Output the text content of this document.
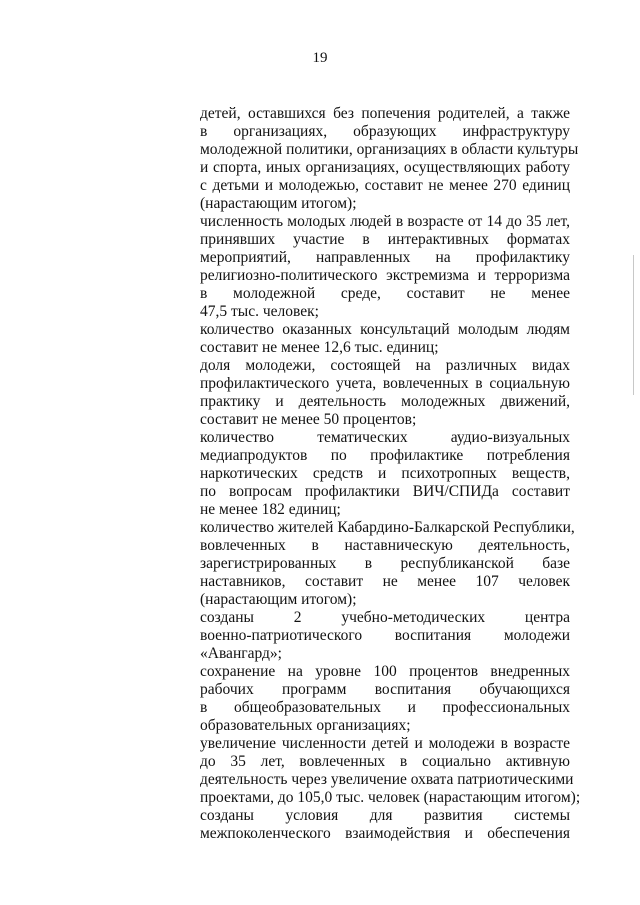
19
детей, оставшихся без попечения родителей, а также
в организациях, образующих инфраструктуру
молодежной политики, организациях в области культуры
и спорта, иных организациях, осуществляющих работу
с детьми и молодежью, составит не менее 270 единиц
(нарастающим итогом);
численность молодых людей в возрасте от 14 до 35 лет,
принявших участие в интерактивных форматах
мероприятий, направленных на профилактику
религиозно-политического экстремизма и терроризма
в молодежной среде, составит не менее
47,5 тыс. человек;
количество оказанных консультаций молодым людям
составит не менее 12,6 тыс. единиц;
доля молодежи, состоящей на различных видах
профилактического учета, вовлеченных в социальную
практику и деятельность молодежных движений,
составит не менее 50 процентов;
количество тематических аудио-визуальных
медиапродуктов по профилактике потребления
наркотических средств и психотропных веществ,
по вопросам профилактики ВИЧ/СПИДа составит
не менее 182 единиц;
количество жителей Кабардино-Балкарской Республики,
вовлеченных в наставническую деятельность,
зарегистрированных в республиканской базе
наставников, составит не менее 107 человек
(нарастающим итогом);
созданы 2 учебно-методических центра
военно-патриотического воспитания молодежи
«Авангард»;
сохранение на уровне 100 процентов внедренных
рабочих программ воспитания обучающихся
в общеобразовательных и профессиональных
образовательных организациях;
увеличение численности детей и молодежи в возрасте
до 35 лет, вовлеченных в социально активную
деятельность через увеличение охвата патриотическими
проектами, до 105,0 тыс. человек (нарастающим итогом);
созданы условия для развития системы
межпоколенческого взаимодействия и обеспечения
